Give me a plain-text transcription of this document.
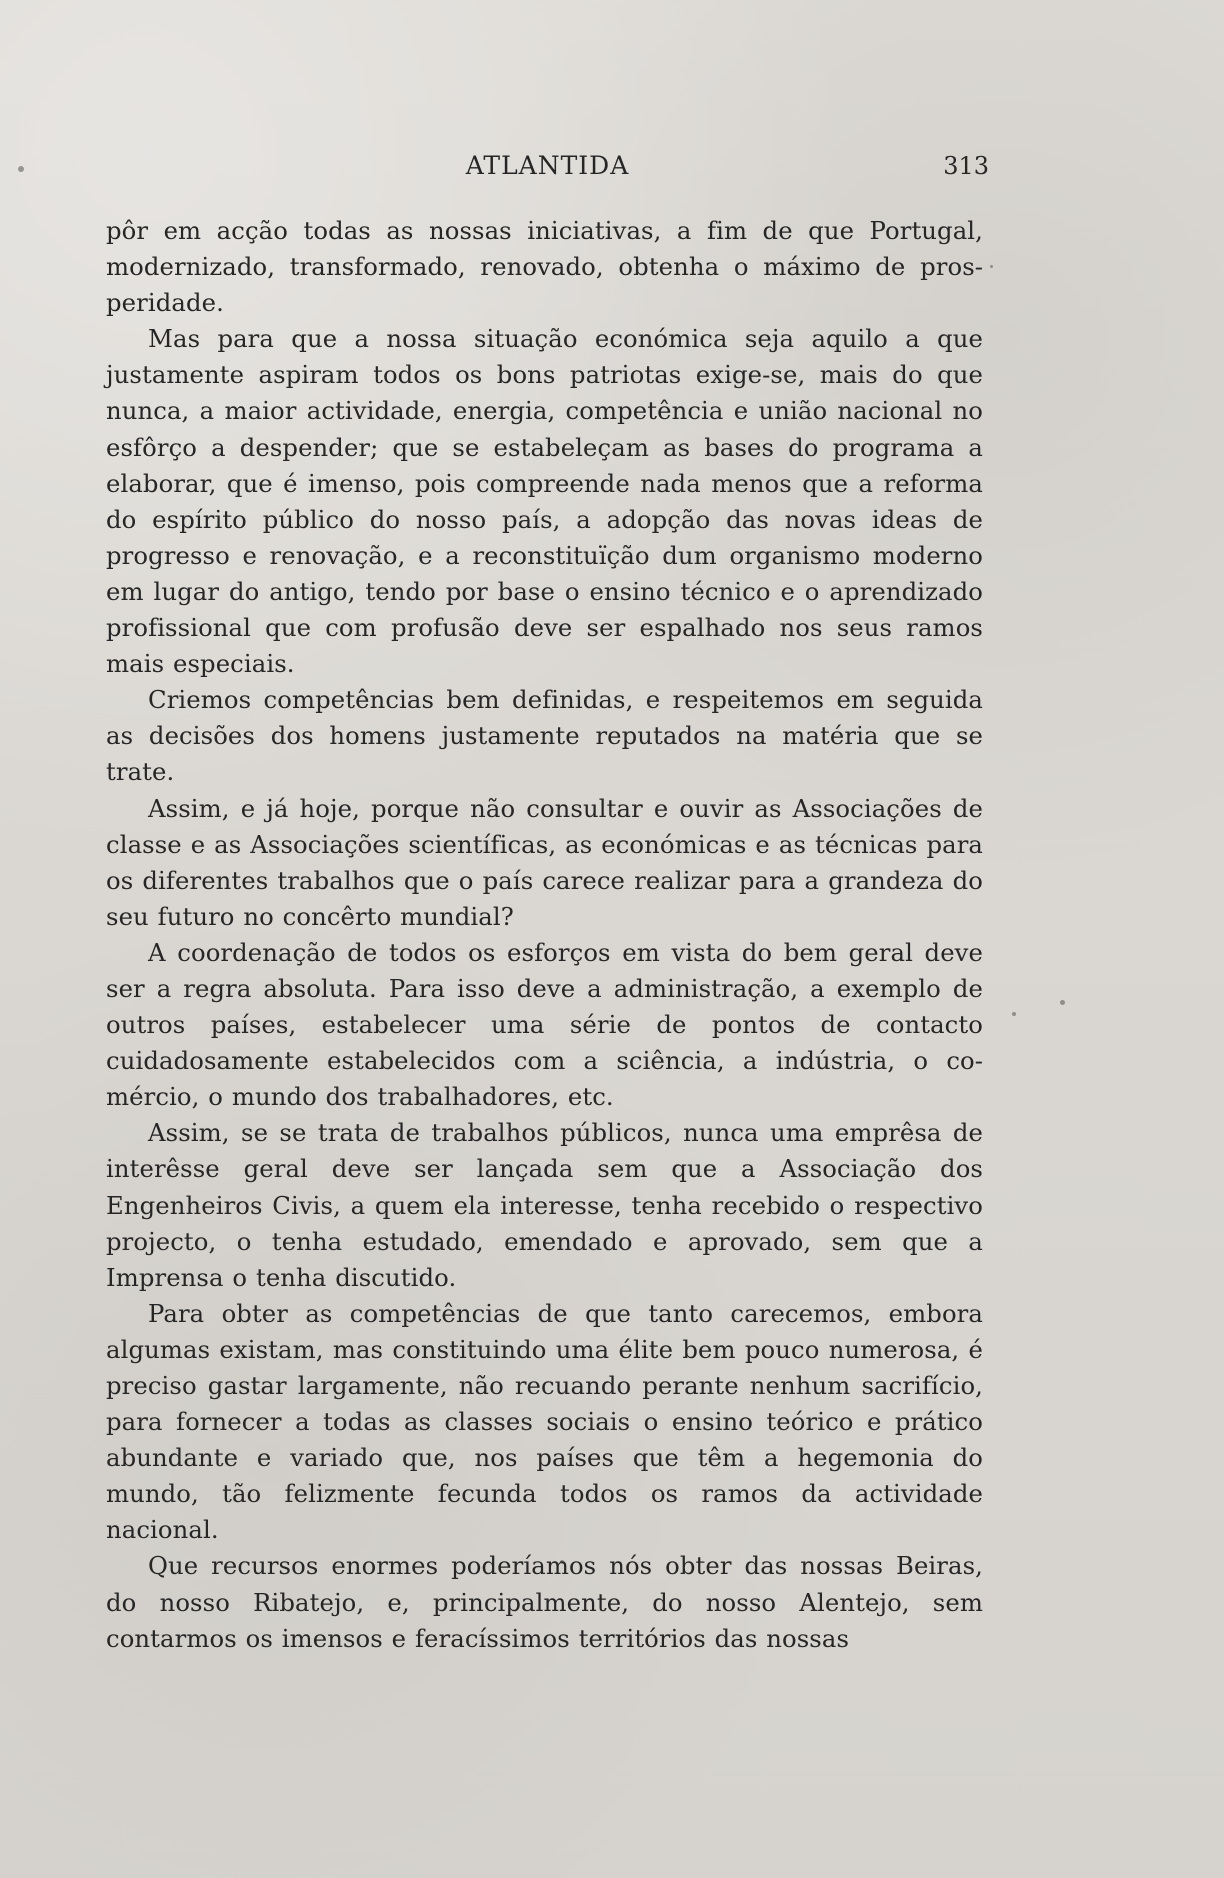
ATLANTIDA	313

pôr em acção todas as nossas iniciativas, a fim de que Portugal, modernizado, transformado, renovado, obtenha o máximo de prosperidade.

Mas para que a nossa situação económica seja aquilo a que justamente aspiram todos os bons patriotas exige-se, mais do que nunca, a maior actividade, energia, competência e união nacional no esfôrço a despender; que se estabeleçam as bases do programa a elaborar, que é imenso, pois compreende nada menos que a reforma do espírito público do nosso país, a adopção das novas ideas de progresso e renovação, e a reconstituïção dum organismo moderno em lugar do antigo, tendo por base o ensino técnico e o aprendizado profissional que com profusão deve ser espalhado nos seus ramos mais especiais.

Criemos competências bem definidas, e respeitemos em seguida as decisões dos homens justamente reputados na matéria que se trate.

Assim, e já hoje, porque não consultar e ouvir as Associações de classe e as Associações scientíficas, as económicas e as técnicas para os diferentes trabalhos que o país carece realizar para a grandeza do seu futuro no concêrto mundial?

A coordenação de todos os esforços em vista do bem geral deve ser a regra absoluta. Para isso deve a administração, a exemplo de outros países, estabelecer uma série de pontos de contacto cuidadosamente estabelecidos com a sciência, a indústria, o comércio, o mundo dos trabalhadores, etc.

Assim, se se trata de trabalhos públicos, nunca uma emprêsa de interêsse geral deve ser lançada sem que a Associação dos Engenheiros Civis, a quem ela interesse, tenha recebido o respectivo projecto, o tenha estudado, emendado e aprovado, sem que a Imprensa o tenha discutido.

Para obter as competências de que tanto carecemos, embora algumas existam, mas constituindo uma élite bem pouco numerosa, é preciso gastar largamente, não recuando perante nenhum sacrifício, para fornecer a todas as classes sociais o ensino teórico e prático abundante e variado que, nos países que têm a hegemonia do mundo, tão felizmente fecunda todos os ramos da actividade nacional.

Que recursos enormes poderíamos nós obter das nossas Beiras, do nosso Ribatejo, e, principalmente, do nosso Alentejo, sem contarmos os imensos e feracíssimos territórios das nossas
